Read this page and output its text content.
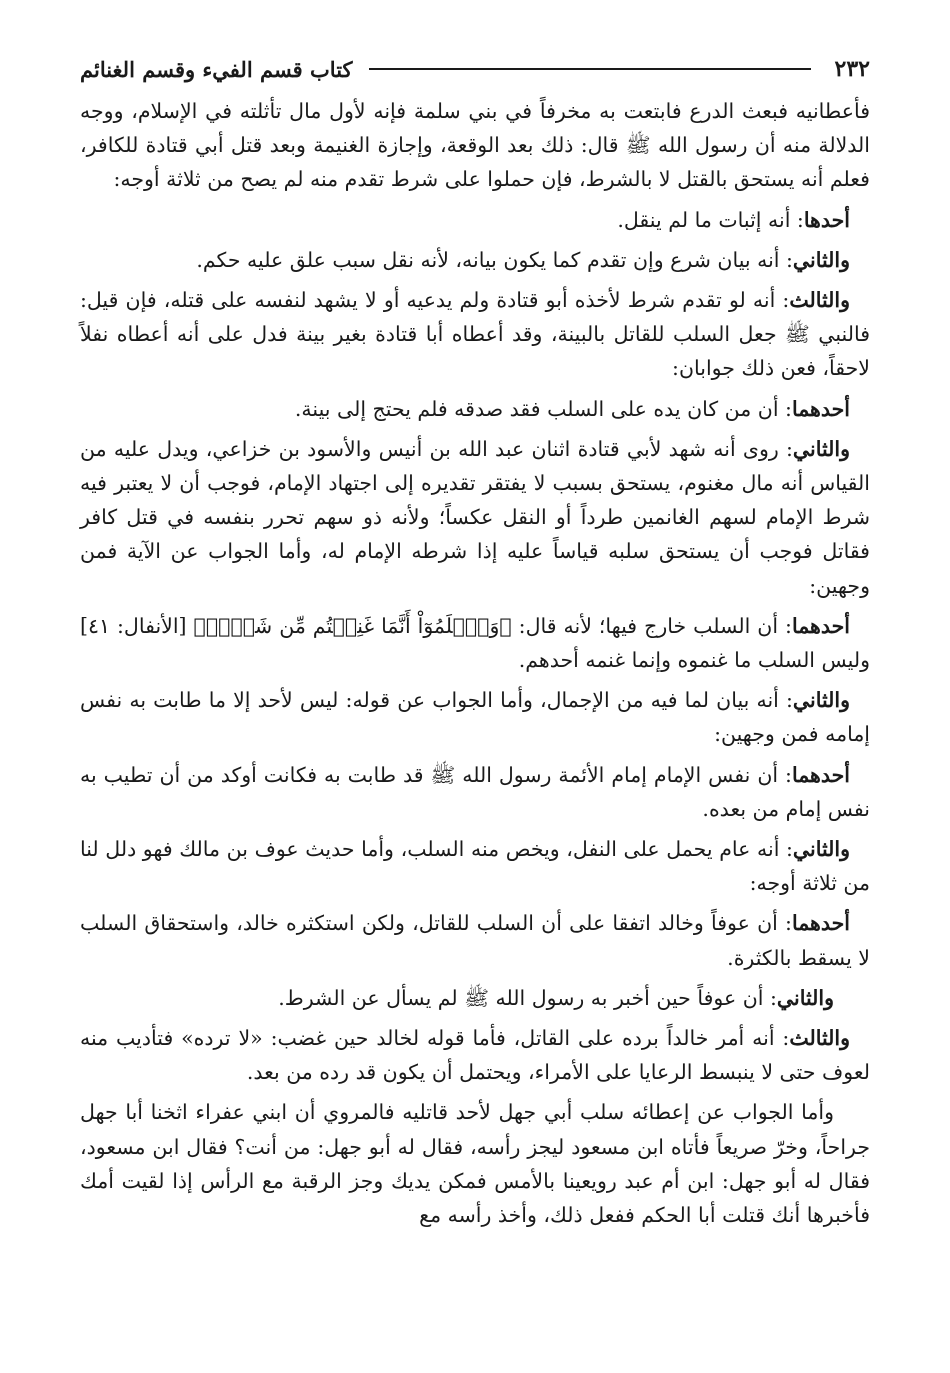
٢٣٢
كتاب قسم الفيء وقسم الغنائم

فأعطانيه فبعث الدرع فابتعت به مخرفاً في بني سلمة فإنه لأول مال تأثلته في الإسلام، ووجه الدلالة منه أن رسول الله ﷺ قال: ذلك بعد الوقعة، وإجازة الغنيمة وبعد قتل أبي قتادة للكافر، فعلم أنه يستحق بالقتل لا بالشرط، فإن حملوا على شرط تقدم منه لم يصح من ثلاثة أوجه:

أحدها: أنه إثبات ما لم ينقل.

والثاني: أنه بيان شرع وإن تقدم كما يكون بيانه، لأنه نقل سبب علق عليه حكم.

والثالث: أنه لو تقدم شرط لأخذه أبو قتادة ولم يدعيه أو لا يشهد لنفسه على قتله، فإن قيل: فالنبي ﷺ جعل السلب للقاتل بالبينة، وقد أعطاه أبا قتادة بغير بينة فدل على أنه أعطاه نفلاً لاحقاً، فعن ذلك جوابان:

أحدهما: أن من كان يده على السلب فقد صدقه فلم يحتج إلى بينة.

والثاني: روى أنه شهد لأبي قتادة اثنان عبد الله بن أنيس والأسود بن خزاعي، ويدل عليه من القياس أنه مال مغنوم، يستحق بسبب لا يفتقر تقديره إلى اجتهاد الإمام، فوجب أن لا يعتبر فيه شرط الإمام لسهم الغانمين طرداً أو النقل عكساً؛ ولأنه ذو سهم تحرر بنفسه في قتل كافر فقاتل فوجب أن يستحق سلبه قياساً عليه إذا شرطه الإمام له، وأما الجواب عن الآية فمن وجهين:

أحدهما: أن السلب خارج فيها؛ لأنه قال: ﴿وَٱعۡلَمُوٓاْ أَنَّمَا غَنِمۡتُم مِّن شَيۡءٖ﴾ [الأنفال: ٤١] وليس السلب ما غنموه وإنما غنمه أحدهم.

والثاني: أنه بيان لما فيه من الإجمال، وأما الجواب عن قوله: ليس لأحد إلا ما طابت به نفس إمامه فمن وجهين:

أحدهما: أن نفس الإمام إمام الأئمة رسول الله ﷺ قد طابت به فكانت أوكد من أن تطيب به نفس إمام من بعده.

والثاني: أنه عام يحمل على النفل، ويخص منه السلب، وأما حديث عوف بن مالك فهو دلل لنا من ثلاثة أوجه:

أحدهما: أن عوفاً وخالد اتفقا على أن السلب للقاتل، ولكن استكثره خالد، واستحقاق السلب لا يسقط بالكثرة.

والثاني: أن عوفاً حين أخبر به رسول الله ﷺ لم يسأل عن الشرط.

والثالث: أنه أمر خالداً برده على القاتل، فأما قوله لخالد حين غضب: «لا ترده» فتأديب منه لعوف حتى لا ينبسط الرعايا على الأمراء، ويحتمل أن يكون قد رده من بعد.

وأما الجواب عن إعطائه سلب أبي جهل لأحد قاتليه فالمروي أن ابني عفراء اثخنا أبا جهل جراحاً، وخرّ صريعاً فأتاه ابن مسعود ليجز رأسه، فقال له أبو جهل: من أنت؟ فقال ابن مسعود، فقال له أبو جهل: ابن أم عبد رويعينا بالأمس فمكن يديك وجز الرقبة مع الرأس إذا لقيت أمك فأخبرها أنك قتلت أبا الحكم ففعل ذلك، وأخذ رأسه مع
